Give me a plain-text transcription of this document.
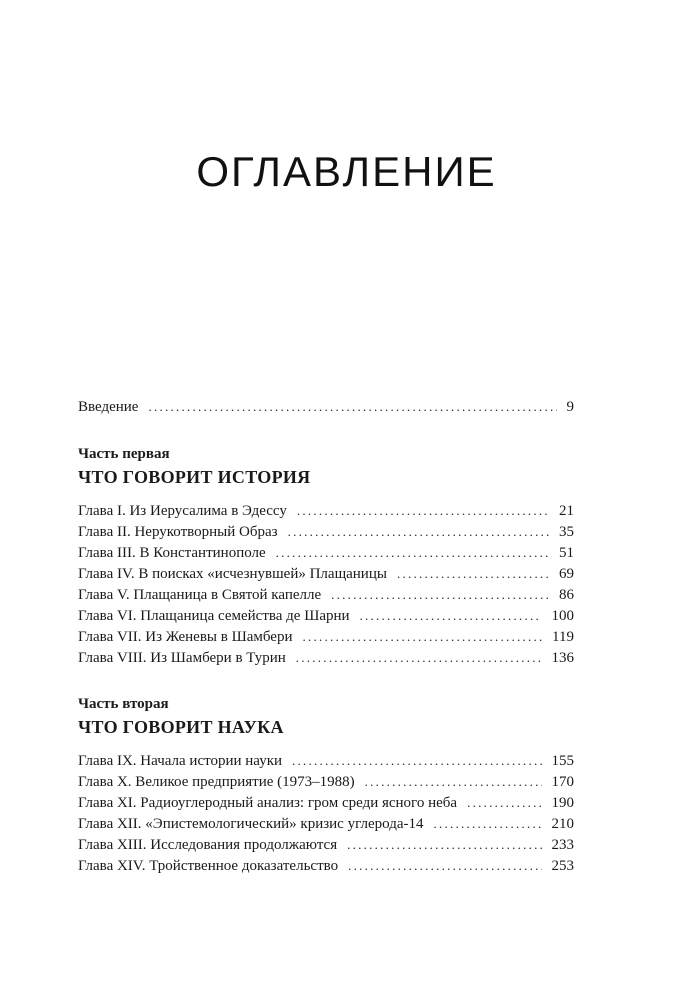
ОГЛАВЛЕНИЕ
Введение . . .	9
Часть первая
ЧТО ГОВОРИТ ИСТОРИЯ
Глава I. Из Иерусалима в Эдессу . . .	21
Глава II. Нерукотворный Образ . . .	35
Глава III. В Константинополе . . .	51
Глава IV. В поисках «исчезнувшей» Плащаницы . . .	69
Глава V. Плащаница в Святой капелле . . .	86
Глава VI. Плащаница семейства де Шарни . . .	100
Глава VII. Из Женевы в Шамбери . . .	119
Глава VIII. Из Шамбери в Турин . . .	136
Часть вторая
ЧТО ГОВОРИТ НАУКА
Глава IX. Начала истории науки . . .	155
Глава X. Великое предприятие (1973–1988) . . .	170
Глава XI. Радиоуглеродный анализ: гром среди ясного неба . . .	190
Глава XII. «Эпистемологический» кризис углерода-14 . . .	210
Глава XIII. Исследования продолжаются . . .	233
Глава XIV. Тройственное доказательство . . .	253
